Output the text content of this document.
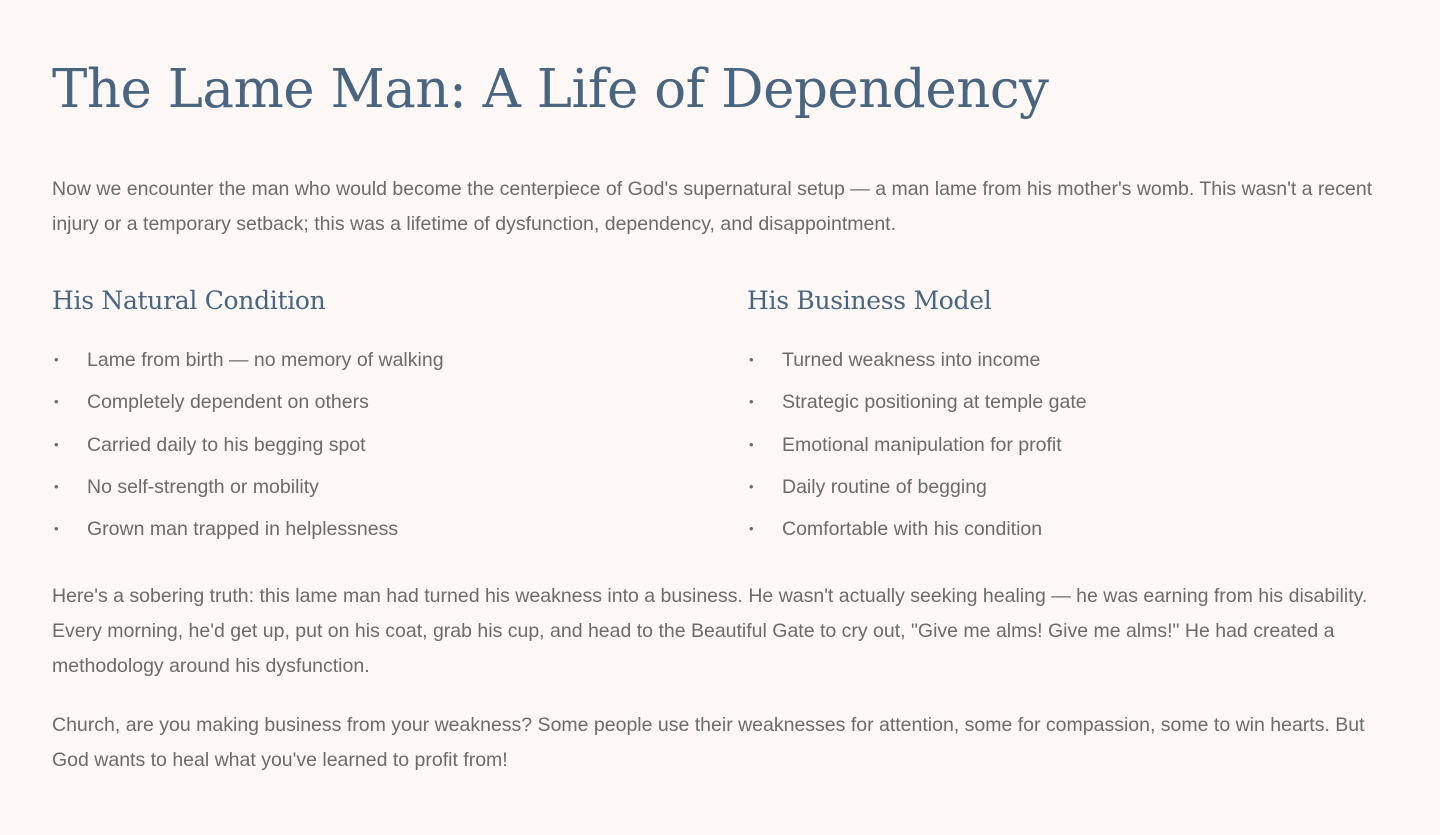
The Lame Man: A Life of Dependency

Now we encounter the man who would become the centerpiece of God's supernatural setup — a man lame from his mother's womb. This wasn't a recent injury or a temporary setback; this was a lifetime of dysfunction, dependency, and disappointment.

His Natural Condition
• Lame from birth — no memory of walking
• Completely dependent on others
• Carried daily to his begging spot
• No self-strength or mobility
• Grown man trapped in helplessness
His Business Model
• Turned weakness into income
• Strategic positioning at temple gate
• Emotional manipulation for profit
• Daily routine of begging
• Comfortable with his condition

Here's a sobering truth: this lame man had turned his weakness into a business. He wasn't actually seeking healing — he was earning from his disability. Every morning, he'd get up, put on his coat, grab his cup, and head to the Beautiful Gate to cry out, "Give me alms! Give me alms!" He had created a methodology around his dysfunction.

Church, are you making business from your weakness? Some people use their weaknesses for attention, some for compassion, some to win hearts. But God wants to heal what you've learned to profit from!
